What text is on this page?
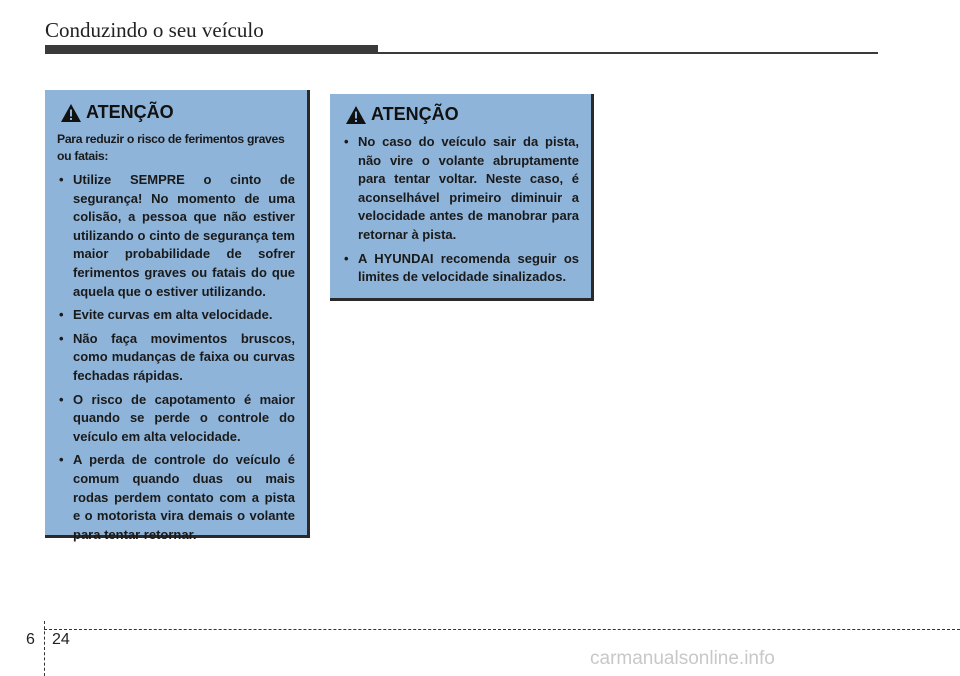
Conduzindo o seu veículo
ATENÇÃO
Para reduzir o risco de ferimentos graves ou fatais:
• Utilize SEMPRE o cinto de segurança! No momento de uma colisão, a pessoa que não estiver utilizando o cinto de segurança tem maior probabilidade de sofrer ferimentos graves ou fatais do que aquela que o estiver utilizando.
• Evite curvas em alta velocidade.
• Não faça movimentos bruscos, como mudanças de faixa ou curvas fechadas rápidas.
• O risco de capotamento é maior quando se perde o controle do veículo em alta velocidade.
• A perda de controle do veículo é comum quando duas ou mais rodas perdem contato com a pista e o motorista vira demais o volante para tentar retornar.
ATENÇÃO
• No caso do veículo sair da pista, não vire o volante abruptamente para tentar voltar. Neste caso, é aconselhável primeiro diminuir a velocidade antes de manobrar para retornar à pista.
• A HYUNDAI recomenda seguir os limites de velocidade sinalizados.
6 24
carmanualsonline.info
